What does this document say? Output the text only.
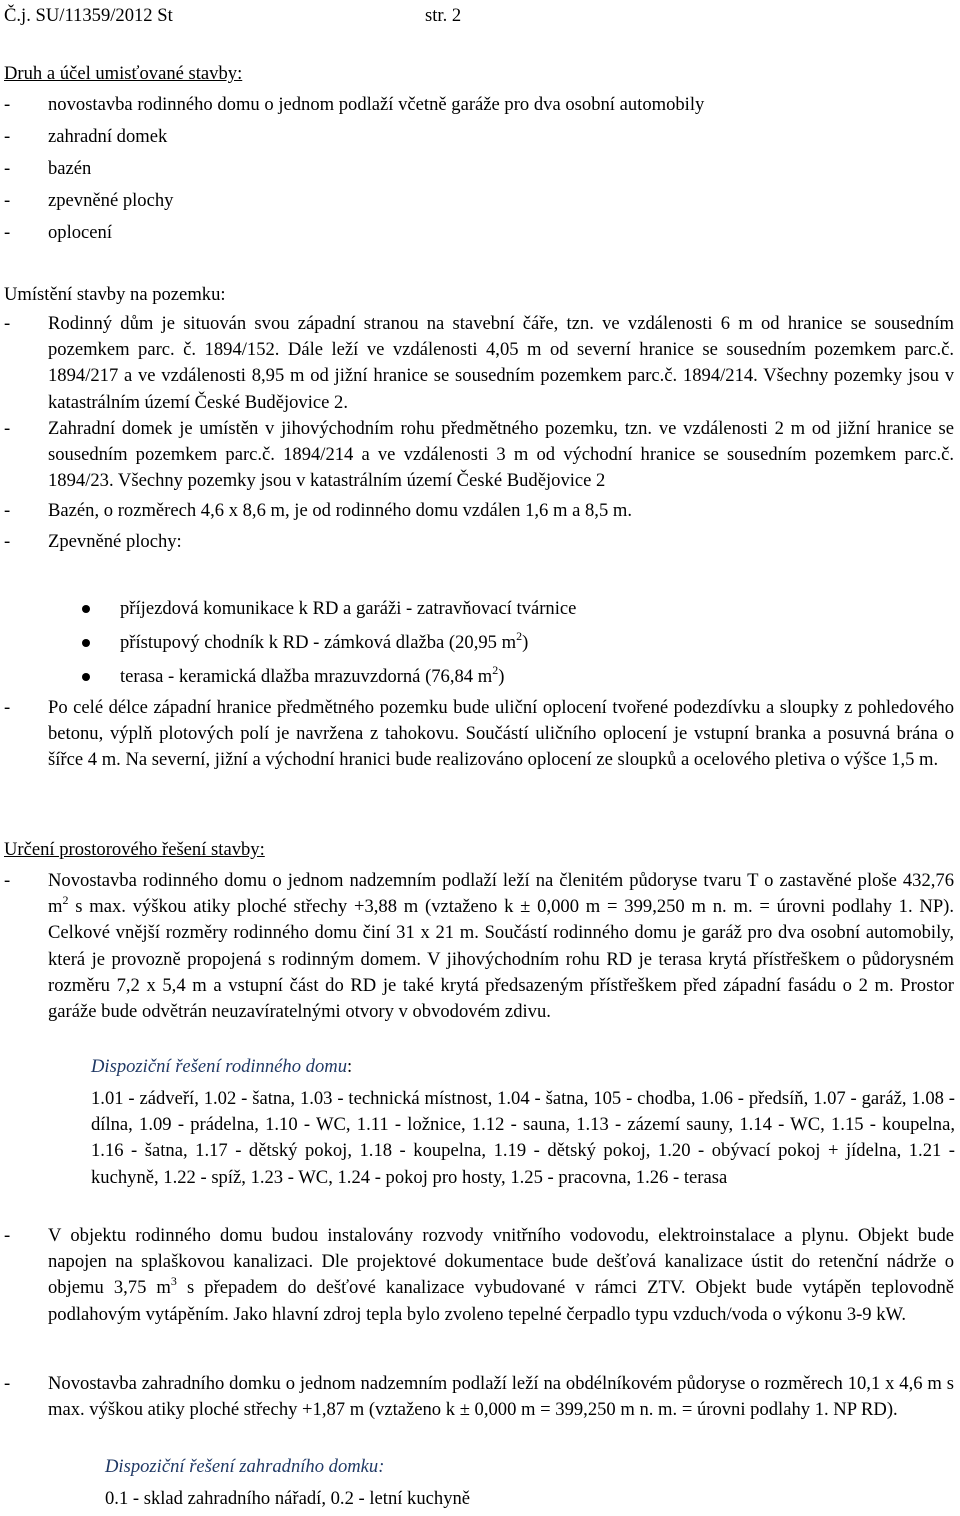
Č.j. SU/11359/2012 St	str. 2
Druh a účel umisťované stavby:
- novostavba rodinného domu o jednom podlaží včetně garáže pro dva osobní automobily
- zahradní domek
- bazén
- zpevněné plochy
- oplocení
Umístění stavby na pozemku:
- Rodinný dům je situován svou západní stranou na stavební čáře, tzn. ve vzdálenosti 6 m od hranice se sousedním pozemkem parc. č. 1894/152. Dále leží ve vzdálenosti 4,05 m od severní hranice se sousedním pozemkem parc.č. 1894/217 a ve vzdálenosti 8,95 m od jižní hranice se sousedním pozemkem parc.č. 1894/214. Všechny pozemky jsou v katastrálním území České Budějovice 2.
- Zahradní domek je umístěn v jihovýchodním rohu předmětného pozemku, tzn. ve vzdálenosti 2 m od jižní hranice se sousedním pozemkem parc.č. 1894/214 a ve vzdálenosti 3 m od východní hranice se sousedním pozemkem parc.č. 1894/23. Všechny pozemky jsou v katastrálním území České Budějovice 2
- Bazén, o rozměrech 4,6 x 8,6 m, je od rodinného domu vzdálen 1,6 m a 8,5 m.
- Zpevněné plochy:
příjezdová komunikace k RD a garáži - zatravňovací tvárnice
přístupový chodník k RD - zámková dlažba (20,95 $m^2$)
terasa - keramická dlažba mrazuvzdorná (76,84 $m^2$)
- Po celé délce západní hranice předmětného pozemku bude uliční oplocení tvořené podezdívku a sloupky z pohledového betonu, výplň plotových polí je navržena z tahokovu. Součástí uličního oplocení je vstupní branka a posuvná brána o šířce 4 m. Na severní, jižní a východní hranici bude realizováno oplocení ze sloupků a ocelového pletiva o výšce 1,5 m.
Určení prostorového řešení stavby:
- Novostavba rodinného domu o jednom nadzemním podlaží leží na členitém půdoryse tvaru T o zastavěné ploše 432,76 $m^2$ s max. výškou atiky ploché střechy +3,88 m (vztaženo k ± 0,000 m = 399,250 m n. m. = úrovni podlahy 1. NP). Celkové vnější rozměry rodinného domu činí 31 x 21 m. Součástí rodinného domu je garáž pro dva osobní automobily, která je provozně propojená s rodinným domem. V jihovýchodním rohu RD je terasa krytá přístřeškem o půdorysném rozměru 7,2 x 5,4 m a vstupní část do RD je také krytá předsazeným přístřeškem před západní fasádu o 2 m. Prostor garáže bude odvětrán neuzavíratelnými otvory v obvodovém zdivu.
Dispoziční řešení rodinného domu:
1.01 - zádveří, 1.02 - šatna, 1.03 - technická místnost, 1.04 - šatna, 105 - chodba, 1.06 - předsíň, 1.07 - garáž, 1.08 - dílna, 1.09 - prádelna, 1.10 - WC, 1.11 - ložnice, 1.12 - sauna, 1.13 - zázemí sauny, 1.14 - WC, 1.15 - koupelna, 1.16 - šatna, 1.17 - dětský pokoj, 1.18 - koupelna, 1.19 - dětský pokoj, 1.20 - obývací pokoj + jídelna, 1.21 - kuchyně, 1.22 - spíž, 1.23 - WC, 1.24 - pokoj pro hosty, 1.25 - pracovna, 1.26 - terasa
- V objektu rodinného domu budou instalovány rozvody vnitřního vodovodu, elektroinstalace a plynu. Objekt bude napojen na splaškovou kanalizaci. Dle projektové dokumentace bude dešťová kanalizace ústit do retenční nádrže o objemu 3,75 $m^3$ s přepadem do dešťové kanalizace vybudované v rámci ZTV. Objekt bude vytápěn teplovodně podlahovým vytápěním. Jako hlavní zdroj tepla bylo zvoleno tepelné čerpadlo typu vzduch/voda o výkonu 3-9 kW.
- Novostavba zahradního domku o jednom nadzemním podlaží leží na obdélníkovém půdoryse o rozměrech 10,1 x 4,6 m s max. výškou atiky ploché střechy +1,87 m (vztaženo k ± 0,000 m = 399,250 m n. m. = úrovni podlahy 1. NP RD).
Dispoziční řešení zahradního domku:
0.1 - sklad zahradního nářadí, 0.2 - letní kuchyně
